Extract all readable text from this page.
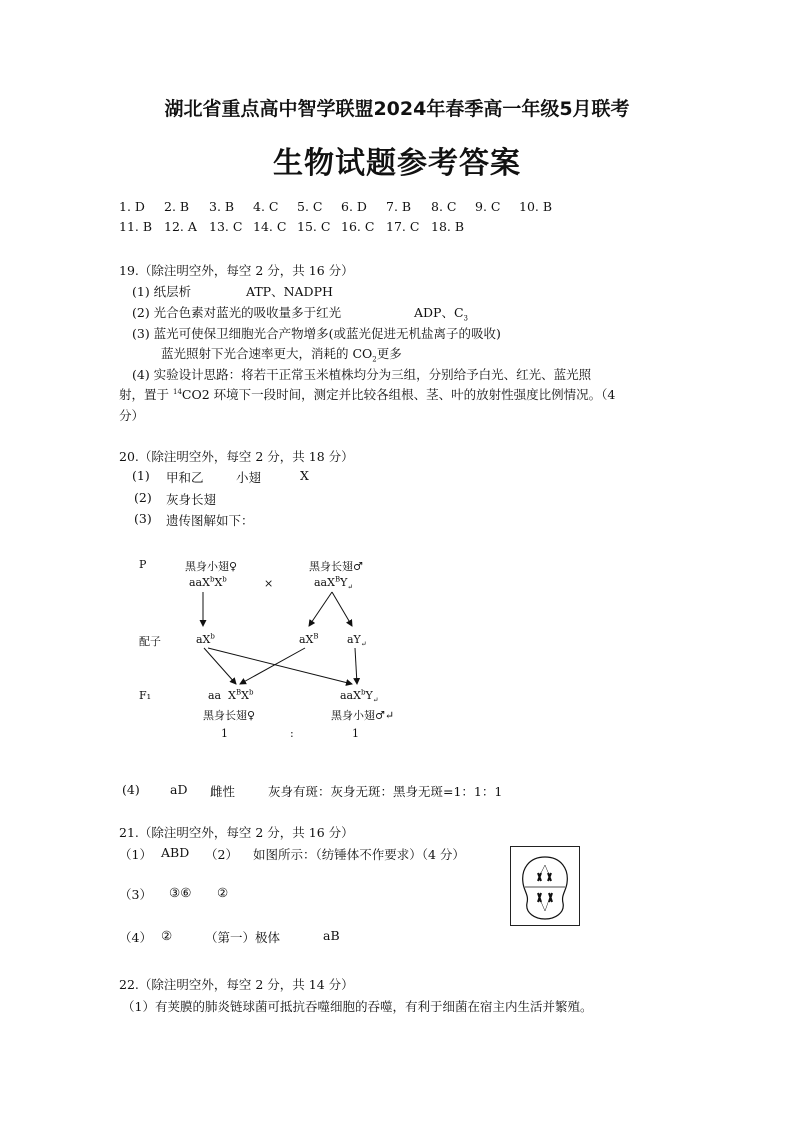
湖北省重点高中智学联盟2024年春季高一年级5月联考
生物试题参考答案
1. D 2. B 3. B 4. C 5. C 6. D 7. B 8. C 9. C 10. B
11. B 12. A 13. C 14. C 15. C 16. C 17. C 18. B
19.（除注明空外，每空 2 分，共 16 分）
(1) 纸层析	ATP、NADPH
(2) 光合色素对蓝光的吸收量多于红光	ADP、$C_3$
(3) 蓝光可使保卫细胞光合产物增多(或蓝光促进无机盐离子的吸收)
蓝光照射下光合速率更大，消耗的 $CO_2$更多
(4) 实验设计思路：将若干正常玉米植株均分为三组，分别给予白光、红光、蓝光照
射，置于 $^{14}$CO2 环境下一段时间，测定并比较各组根、茎、叶的放射性强度比例情况。（4
分）
20.（除注明空外，每空 2 分，共 18 分）
(1) 甲和乙	小翅	X
(2) 灰身长翅
(3) 遗传图解如下：
P	黑身小翅♀
$aaX^bX^b$	×
黑身长翅♂
$aaX^BY_↵$
配子	$aX^b$	$aX^B$	$aY_↵$
F₁	aa  $X^BX^b$
黑身长翅♀
$aaX^bY_↵$
黑身小翅♂↵
1	:	1
(4) aD 雌性	灰身有斑：灰身无斑：黑身无斑=1：1：1
21.（除注明空外，每空 2 分，共 16 分）
（1） ABD （2） 如图所示：（纺锤体不作要求）（4 分）
（3） ③⑥ ②
（4） ②	（第一）极体	aB
22.（除注明空外，每空 2 分，共 14 分）
（1）有荚膜的肺炎链球菌可抵抗吞噬细胞的吞噬，有利于细菌在宿主内生活并繁殖。
